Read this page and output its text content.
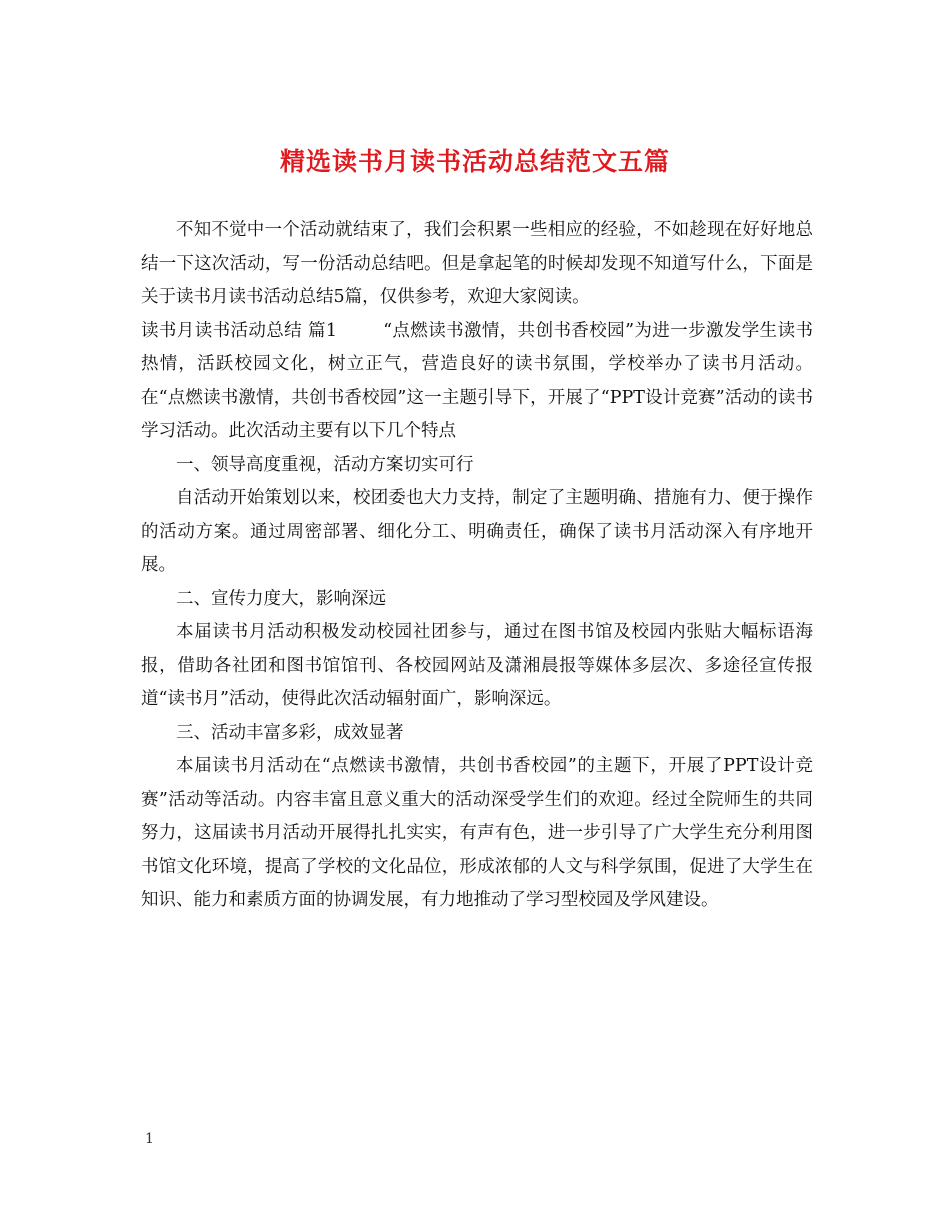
精选读书月读书活动总结范文五篇

不知不觉中一个活动就结束了，我们会积累一些相应的经验，不如趁现在好好地总结一下这次活动，写一份活动总结吧。但是拿起笔的时候却发现不知道写什么，下面是关于读书月读书活动总结5篇，仅供参考，欢迎大家阅读。

读书月读书活动总结 篇1	“点燃读书激情，共创书香校园”为进一步激发学生读书热情，活跃校园文化，树立正气，营造良好的读书氛围，学校举办了读书月活动。在“点燃读书激情，共创书香校园”这一主题引导下，开展了“PPT设计竞赛”活动的读书学习活动。此次活动主要有以下几个特点

一、领导高度重视，活动方案切实可行

自活动开始策划以来，校团委也大力支持，制定了主题明确、措施有力、便于操作的活动方案。通过周密部署、细化分工、明确责任，确保了读书月活动深入有序地开展。

二、宣传力度大，影响深远

本届读书月活动积极发动校园社团参与，通过在图书馆及校园内张贴大幅标语海报，借助各社团和图书馆馆刊、各校园网站及潇湘晨报等媒体多层次、多途径宣传报道“读书月”活动，使得此次活动辐射面广，影响深远。

三、活动丰富多彩，成效显著

本届读书月活动在“点燃读书激情，共创书香校园”的主题下，开展了PPT设计竞赛”活动等活动。内容丰富且意义重大的活动深受学生们的欢迎。经过全院师生的共同努力，这届读书月活动开展得扎扎实实，有声有色，进一步引导了广大学生充分利用图书馆文化环境，提高了学校的文化品位，形成浓郁的人文与科学氛围，促进了大学生在知识、能力和素质方面的协调发展，有力地推动了学习型校园及学风建设。

1
